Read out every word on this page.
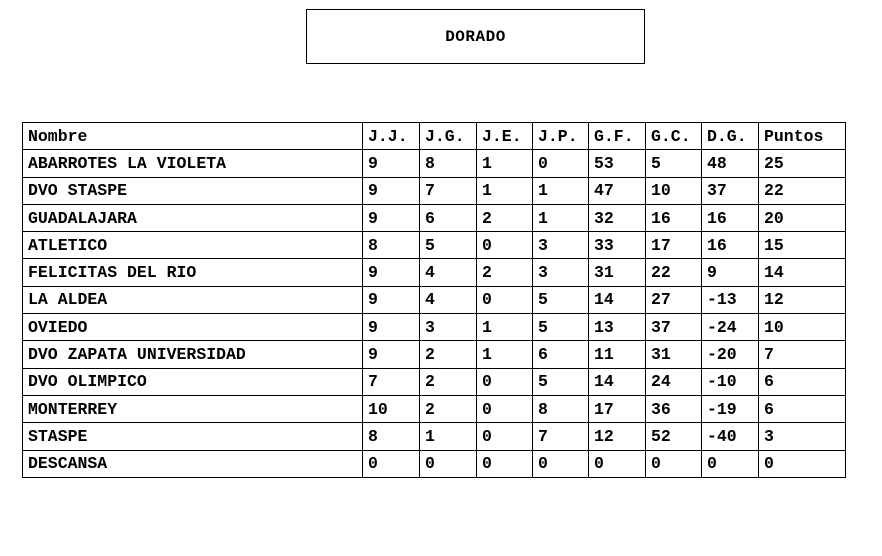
DORADO
Nombre	J.J.	J.G.	J.E.	J.P.	G.F.	G.C.	D.G.	Puntos
ABARROTES LA VIOLETA	9	8	1	0	53	5	48	25
DVO STASPE	9	7	1	1	47	10	37	22
GUADALAJARA	9	6	2	1	32	16	16	20
ATLETICO	8	5	0	3	33	17	16	15
FELICITAS DEL RIO	9	4	2	3	31	22	9	14
LA ALDEA	9	4	0	5	14	27	-13	12
OVIEDO	9	3	1	5	13	37	-24	10
DVO ZAPATA UNIVERSIDAD	9	2	1	6	11	31	-20	7
DVO OLIMPICO	7	2	0	5	14	24	-10	6
MONTERREY	10	2	0	8	17	36	-19	6
STASPE	8	1	0	7	12	52	-40	3
DESCANSA	0	0	0	0	0	0	0	0
